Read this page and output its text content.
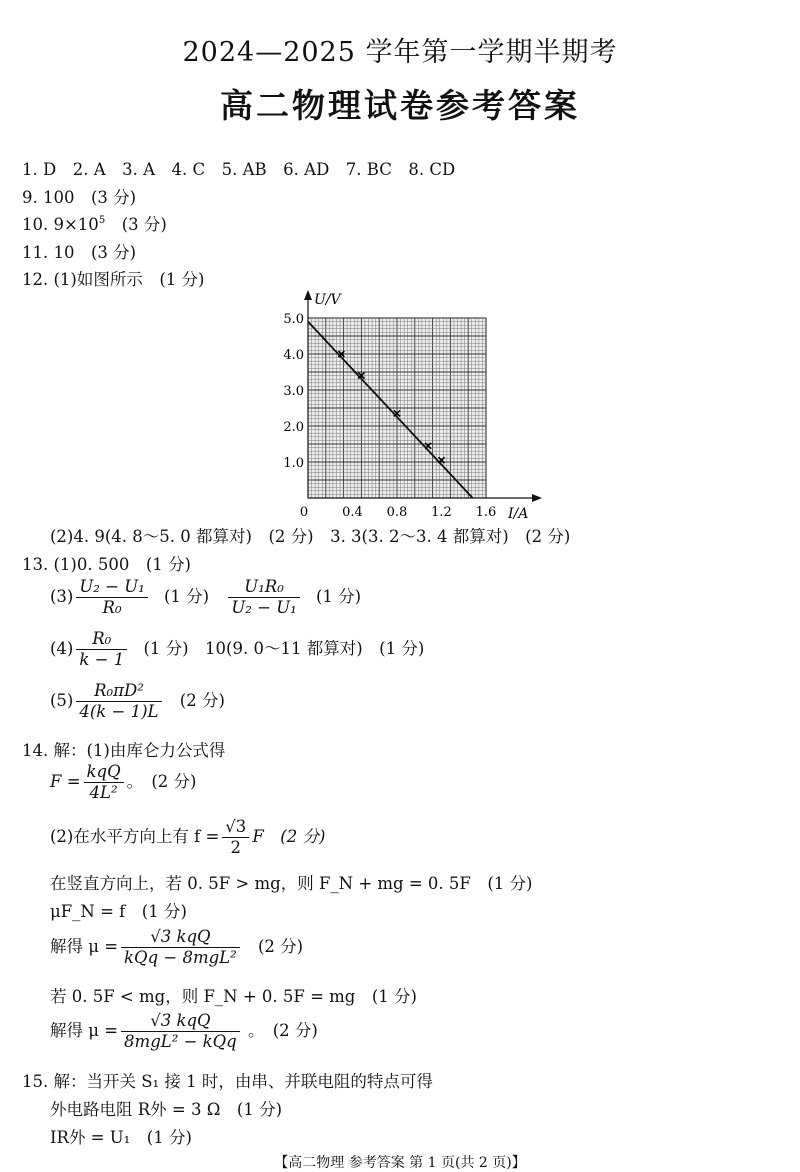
2024—2025 学年第一学期半期考
高二物理试卷参考答案
1. D　2. A　3. A　4. C　5. AB　6. AD　7. BC　8. CD
9. 100　(3 分)
10. $9\times 10^5$　(3 分)
11. 10　(3 分)
12. (1)如图所示　(1 分)
0	0.4 0.8 1.2 1.6
1.0
2.0
3.0
4.0
5.0
I/A
U/V
(2)4. 9(4. 8～5. 0 都算对)　(2 分)　3. 3(3. 2～3. 4 都算对)　(2 分)
13. (1)0. 500　(1 分)
$(3) \frac{\text{U₂ − U₁}}{\text{R₀}} (1$ 分) $\frac{\text{U₁R₀}}{\text{U₂ − U₁}} (1$ 分)
$(4) \frac{\text{R₀}}{k - 1} (1$ 分)　10(9. 0～11 都算对)　(1 分)
$(5) \frac{\text{R₀πD²}}{4(k - 1)L} (2$ 分)
14. 解：(1)由库仑力公式得
$F = \frac{\text{kqQ}}{\text{4L²}}$ 。　(2 分)
(2)在水平方向上有 $f = \frac{√3}{2}$ F　(2 分)
在竖直方向上，若 0. 5F > mg，则 F_N + mg = 0. 5F　(1 分)
μF_N = f　(1 分)
解得 $\mu = \frac{\text{√3 kqQ}}{\text{kQq − 8mgL²}} (2$ 分)
若 0. 5F < mg，则 F_N + 0. 5F = mg　(1 分)
解得 $\mu = \frac{\text{√3 kqQ}}{\text{8mgL² − kQq}}$ 。　(2 分)
15. 解：当开关 S₁ 接 1 时，由串、并联电阻的特点可得
外电路电阻 R外 = 3 Ω　(1 分)
IR外 = U₁　(1 分)
【高二物理 参考答案 第 1 页(共 2 页)】
